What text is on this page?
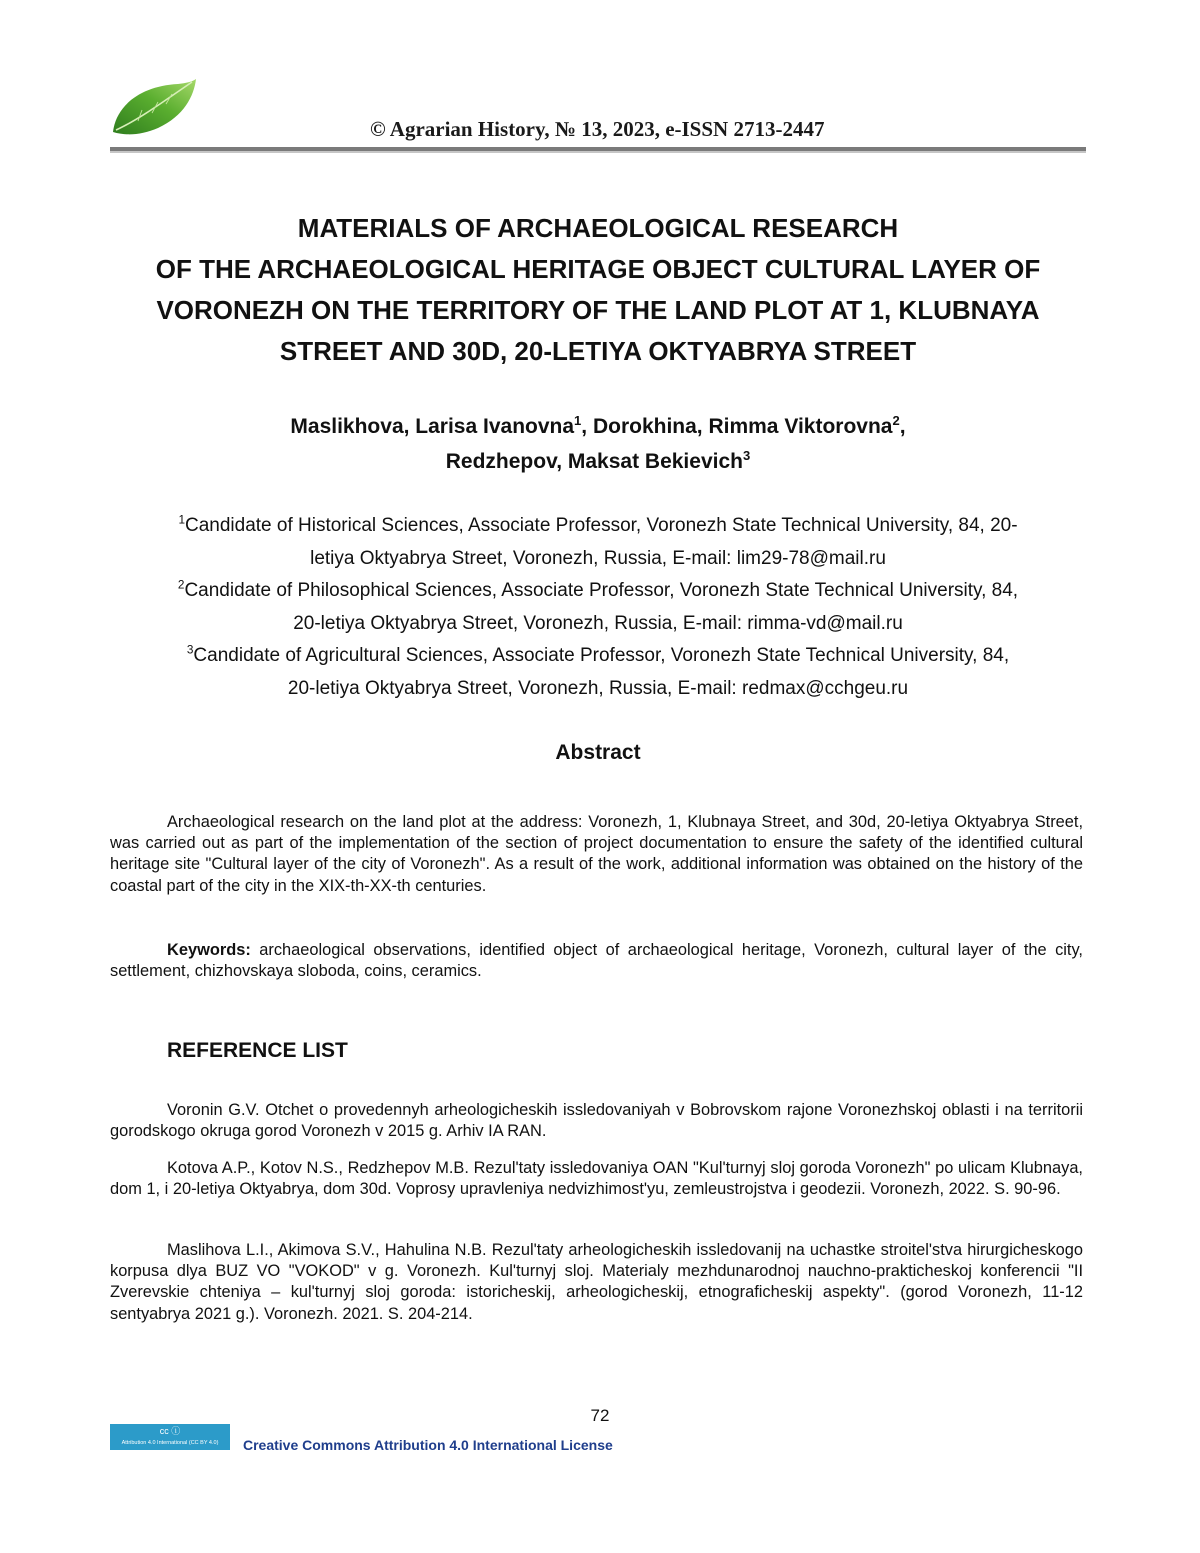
© Agrarian History, № 13, 2023, e-ISSN 2713-2447
MATERIALS OF ARCHAEOLOGICAL RESEARCH
OF THE ARCHAEOLOGICAL HERITAGE OBJECT CULTURAL LAYER OF
VORONEZH ON THE TERRITORY OF THE LAND PLOT AT 1, KLUBNAYA
STREET AND 30D, 20-LETIYA OKTYABRYA STREET
Maslikhova, Larisa Ivanovna$^1$, Dorokhina, Rimma Viktorovna$^2$,
Redzhepov, Maksat Bekievich$^3$
$^1$Candidate of Historical Sciences, Associate Professor, Voronezh State Technical University, 84, 20-
letiya Oktyabrya Street, Voronezh, Russia, E-mail: lim29-78@mail.ru
$^2$Candidate of Philosophical Sciences, Associate Professor, Voronezh State Technical University, 84,
20-letiya Oktyabrya Street, Voronezh, Russia, E-mail: rimma-vd@mail.ru
$^3$Candidate of Agricultural Sciences, Associate Professor, Voronezh State Technical University, 84,
20-letiya Oktyabrya Street, Voronezh, Russia, E-mail: redmax@cchgeu.ru
Abstract

Archaeological research on the land plot at the address: Voronezh, 1, Klubnaya Street, and 30d, 20-letiya Oktyabrya Street, was carried out as part of the implementation of the section of project documentation to ensure the safety of the identified cultural heritage site "Cultural layer of the city of Voronezh". As a result of the work, additional information was obtained on the history of the coastal part of the city in the XIX-th-XX-th centuries.

Keywords: archaeological observations, identified object of archaeological heritage, Voronezh, cultural layer of the city, settlement, chizhovskaya sloboda, coins, ceramics.

REFERENCE LIST

Voronin G.V. Otchet o provedennyh arheologicheskih issledovaniyah v Bobrovskom rajone Voronezhskoj oblasti i na territorii gorodskogo okruga gorod Voronezh v 2015 g. Arhiv IA RAN.

Kotova A.P., Kotov N.S., Redzhepov M.B. Rezul'taty issledovaniya OAN "Kul'turnyj sloj goroda Voronezh" po ulicam Klubnaya, dom 1, i 20-letiya Oktyabrya, dom 30d. Voprosy upravleniya nedvizhimost'yu, zemleustrojstva i geodezii. Voronezh, 2022. S. 90-96.

Maslihova L.I., Akimova S.V., Hahulina N.B. Rezul'taty arheologicheskih issledovanij na uchastke stroitel'stva hirurgicheskogo korpusa dlya BUZ VO "VOKOD" v g. Voronezh. Kul'turnyj sloj. Materialy mezhdunarodnoj nauchno-prakticheskoj konferencii "II Zverevskie chteniya – kul'turnyj sloj goroda: istoricheskij, arheologicheskij, etnograficheskij aspekty". (gorod Voronezh, 11-12 sentyabrya 2021 g.). Voronezh. 2021. S. 204-214.

72
cc ⓘ
Attribution 4.0 International (CC BY 4.0)	Creative Commons Attribution 4.0 International License
